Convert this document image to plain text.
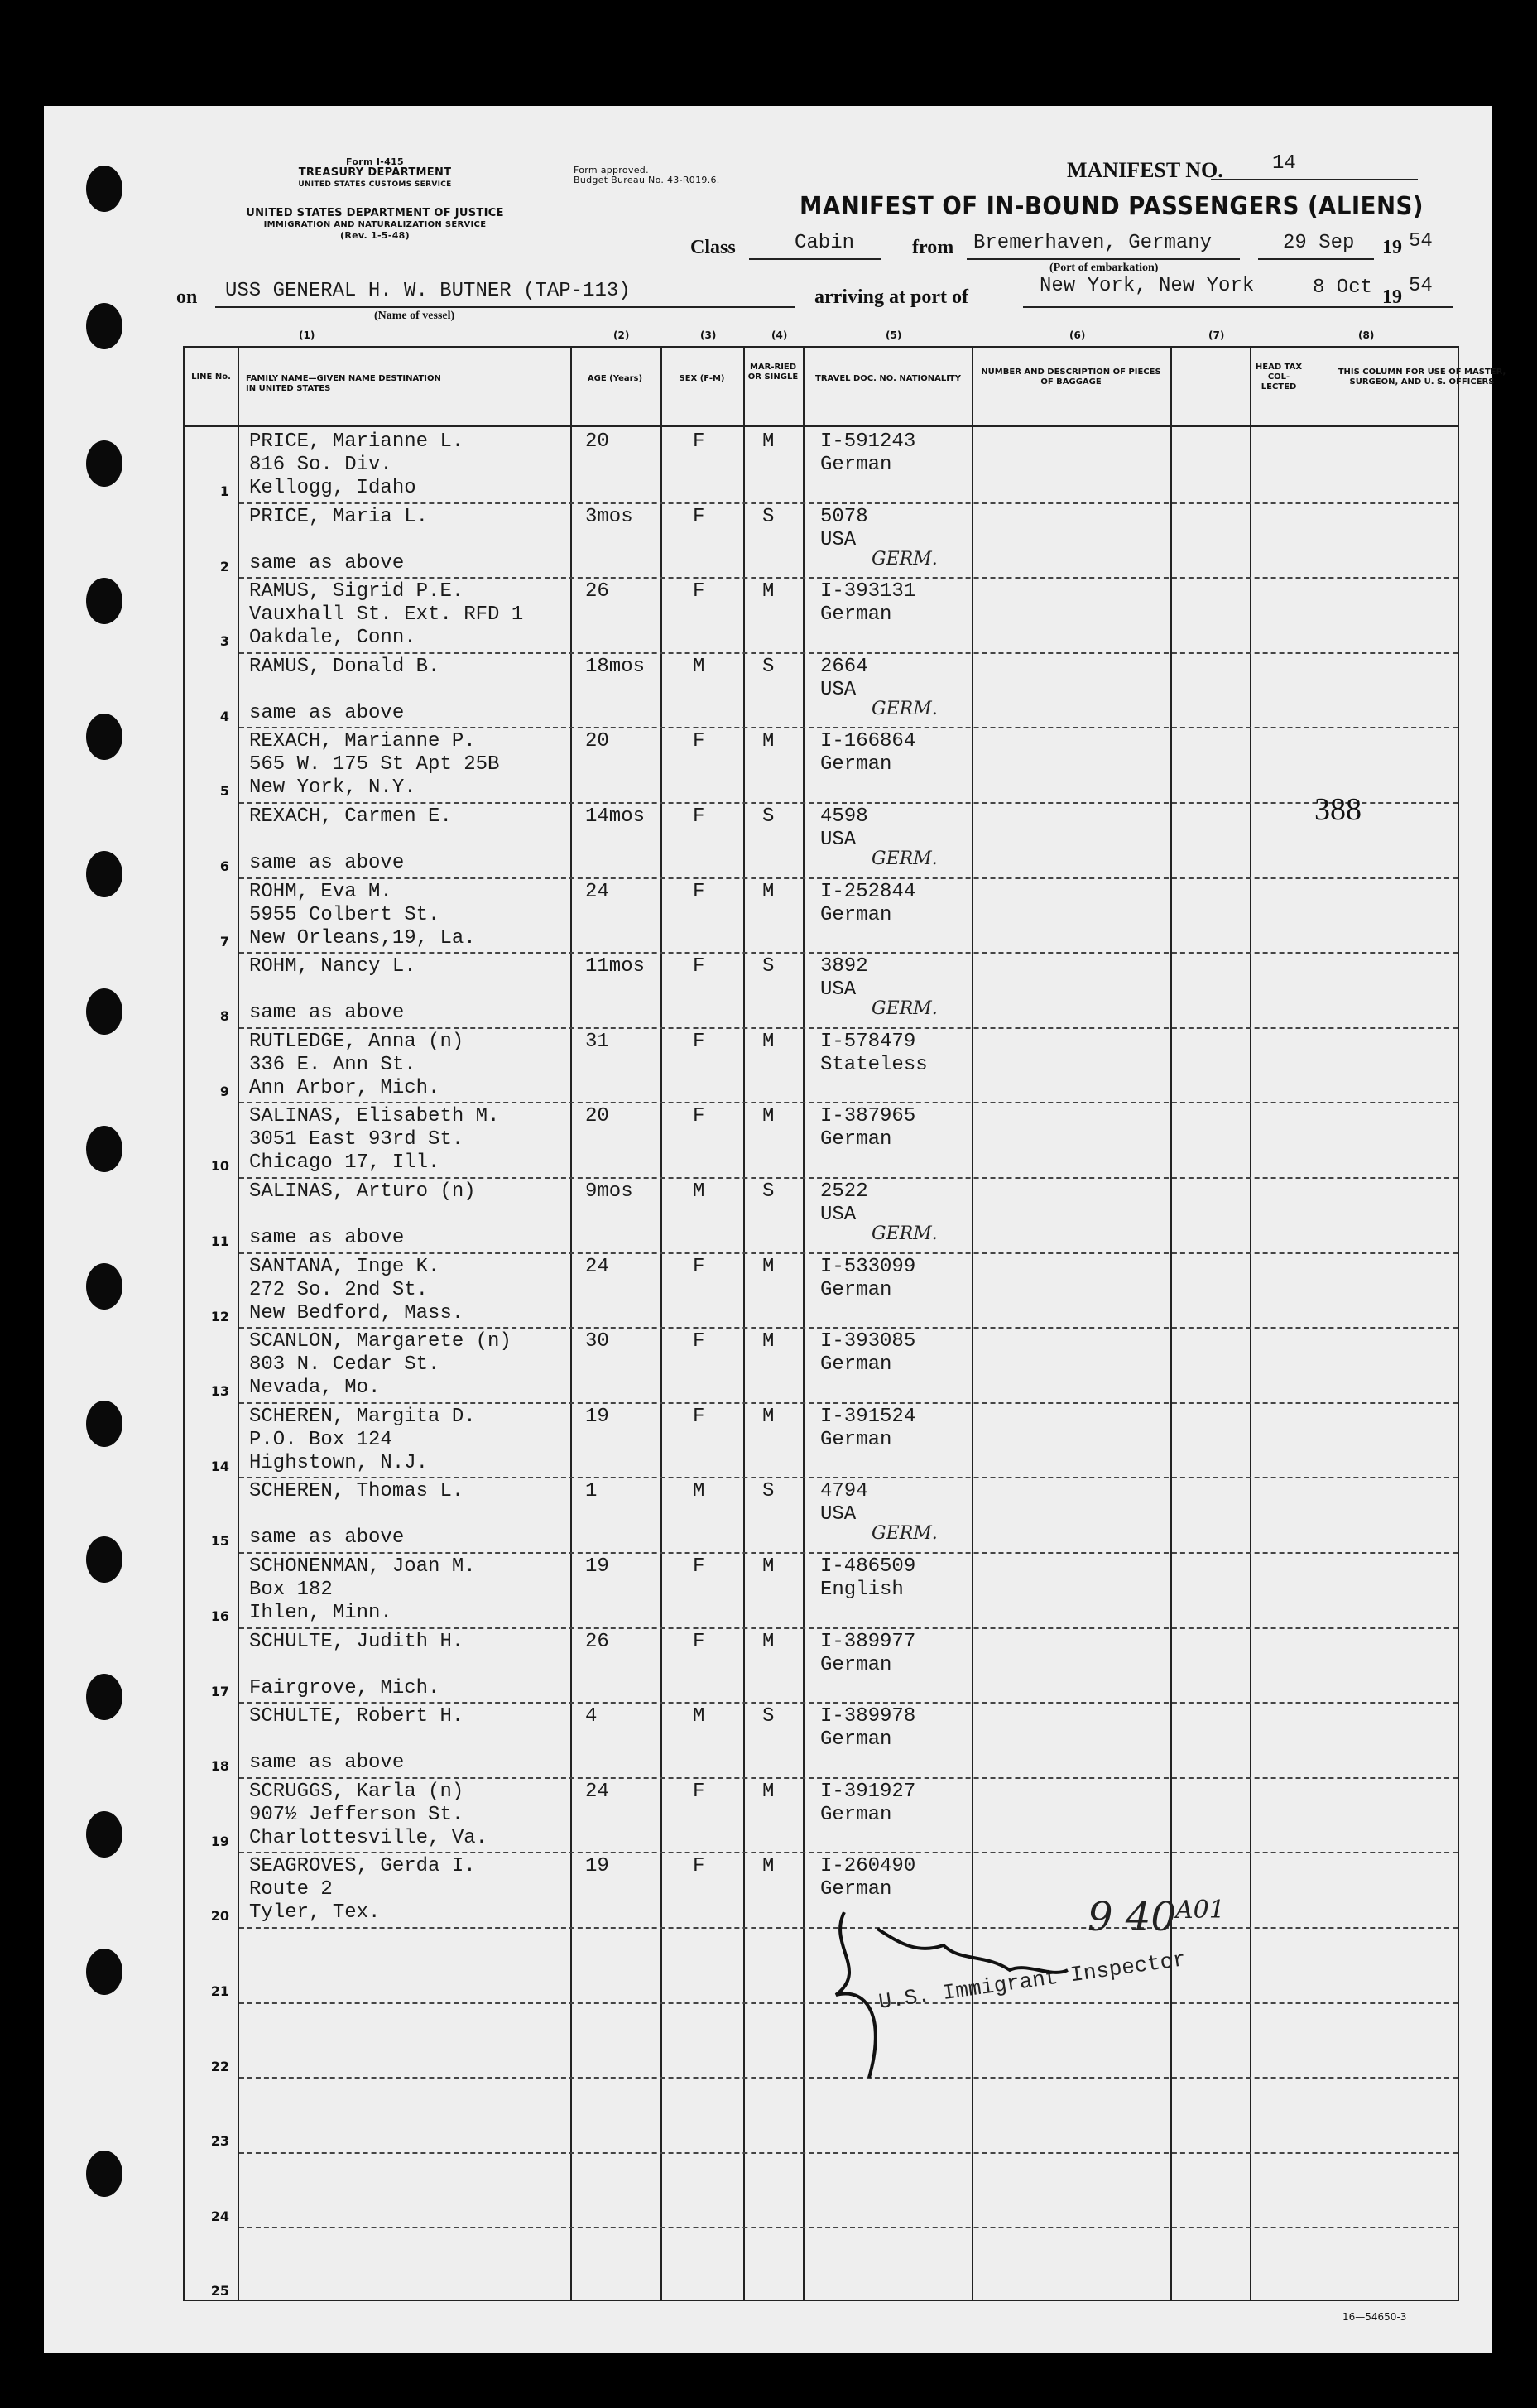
Form I-415
TREASURY DEPARTMENT
UNITED STATES CUSTOMS SERVICE
UNITED STATES DEPARTMENT OF JUSTICE
IMMIGRATION AND NATURALIZATION SERVICE
(Rev. 1-5-48)
Form approved.
Budget Bureau No. 43-R019.6.	MANIFEST NO. 14
MANIFEST OF IN-BOUND PASSENGERS (ALIENS)
Class	Cabin	from Bremerhaven, Germany	29 Sep 19 54
(Port of embarkation)
on USS GENERAL H. W. BUTNER (TAP-113)
(Name of vessel)
arriving at port of	New York, New York	8 Oct 19 54
(1)	(2)	(3)	(4)	(5)	(6)	(7)	(8)
LINE No.	FAMILY NAME—GIVEN NAME DESTINATION IN UNITED STATES
AGE (Years)	SEX (F-M)
MAR-RIED OR SINGLE TRAVEL DOC. NO. NATIONALITY
NUMBER AND DESCRIPTION OF PIECES OF BAGGAGE
HEAD TAX COL-LECTED
THIS COLUMN FOR USE OF MASTER, SURGEON, AND U. S. OFFICERS
1
PRICE, Marianne L.
816 So. Div.
Kellogg, Idaho
20	F	M I-591243
German
2
PRICE, Maria L.
same as above
3mos	F	S 5078
USA
GERM.
3
RAMUS, Sigrid P.E.
Vauxhall St. Ext. RFD 1
Oakdale, Conn.
26	F	M I-393131
German
4
RAMUS, Donald B.
same as above
18mos M	S 2664
USA
GERM.
5
REXACH, Marianne P.
565 W. 175 St Apt 25B
New York, N.Y.
20	F	M I-166864
German
6
REXACH, Carmen E.
same as above
14mos F	S 4598
USA
GERM.
7
ROHM, Eva M.
5955 Colbert St.
New Orleans,19, La.
24	F	M I-252844
German
8
ROHM, Nancy L.
same as above
11mos F	S 3892
USA
GERM.
9
RUTLEDGE, Anna (n)
336 E. Ann St.
Ann Arbor, Mich.
31	F	M I-578479
Stateless
10
SALINAS, Elisabeth M.
3051 East 93rd St.
Chicago 17, Ill.
20	F	M I-387965
German
11
SALINAS, Arturo (n)
same as above
9mos	M	S 2522
USA
GERM.
12
SANTANA, Inge K.
272 So. 2nd St.
New Bedford, Mass.
24	F	M I-533099
German
13
SCANLON, Margarete (n)
803 N. Cedar St.
Nevada, Mo.
30	F	M I-393085
German
14
SCHEREN, Margita D.
P.O. Box 124
Highstown, N.J.
19	F	M I-391524
German
15
SCHEREN, Thomas L.
same as above
1	M	S 4794
USA
GERM.
16
SCHONENMAN, Joan M.
Box 182
Ihlen, Minn.
19	F	M I-486509
English
17
SCHULTE, Judith H.
Fairgrove, Mich.
26	F	M I-389977
German
18
SCHULTE, Robert H.
same as above
4	M	S I-389978
German
19
SCRUGGS, Karla (n)
907½ Jefferson St.
Charlottesville, Va.
24	F	M I-391927
German
20
SEAGROVES, Gerda I.
Route 2
Tyler, Tex.
19	F	M I-260490
German
21
22
23
24
25
388
U.S. Immigrant Inspector
9 40 A01
16—54650-3
